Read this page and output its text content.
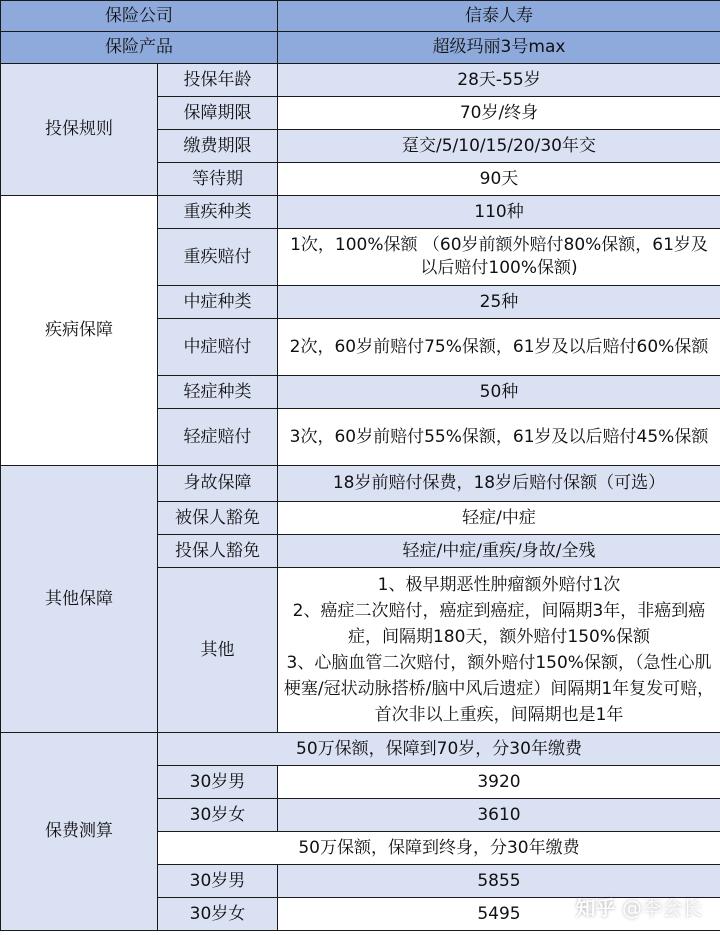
保险公司		信泰人寿
保险产品		超级玛丽3号max
投保规则	投保年龄	28天-55岁
	保障期限	70岁/终身
	缴费期限	趸交/5/10/15/20/30年交
	等待期	90天
疾病保障	重疾种类	110种
	重疾赔付	1次，100%保额 （60岁前额外赔付80%保额，61岁及以后赔付100%保额)
	中症种类	25种
	中症赔付	2次，60岁前赔付75%保额，61岁及以后赔付60%保额
	轻症种类	50种
	轻症赔付	3次，60岁前赔付55%保额，61岁及以后赔付45%保额
其他保障	身故保障	18岁前赔付保费，18岁后赔付保额（可选）
	被保人豁免	轻症/中症
	投保人豁免	轻症/中症/重疾/身故/全残
	其他	1、极早期恶性肿瘤额外赔付1次
2、癌症二次赔付，癌症到癌症，间隔期3年，非癌到癌症，间隔期180天，额外赔付150%保额
3、心脑血管二次赔付，额外赔付150%保额，（急性心肌梗塞/冠状动脉搭桥/脑中风后遗症）间隔期1年复发可赔，首次非以上重疾，间隔期也是1年

保费测算	50万保额，保障到70岁，分30年缴费	
	30岁男	3920
	30岁女	3610
	50万保额，保障到终身，分30年缴费	
	30岁男	5855
	30岁女	5495	知乎 @李会长
